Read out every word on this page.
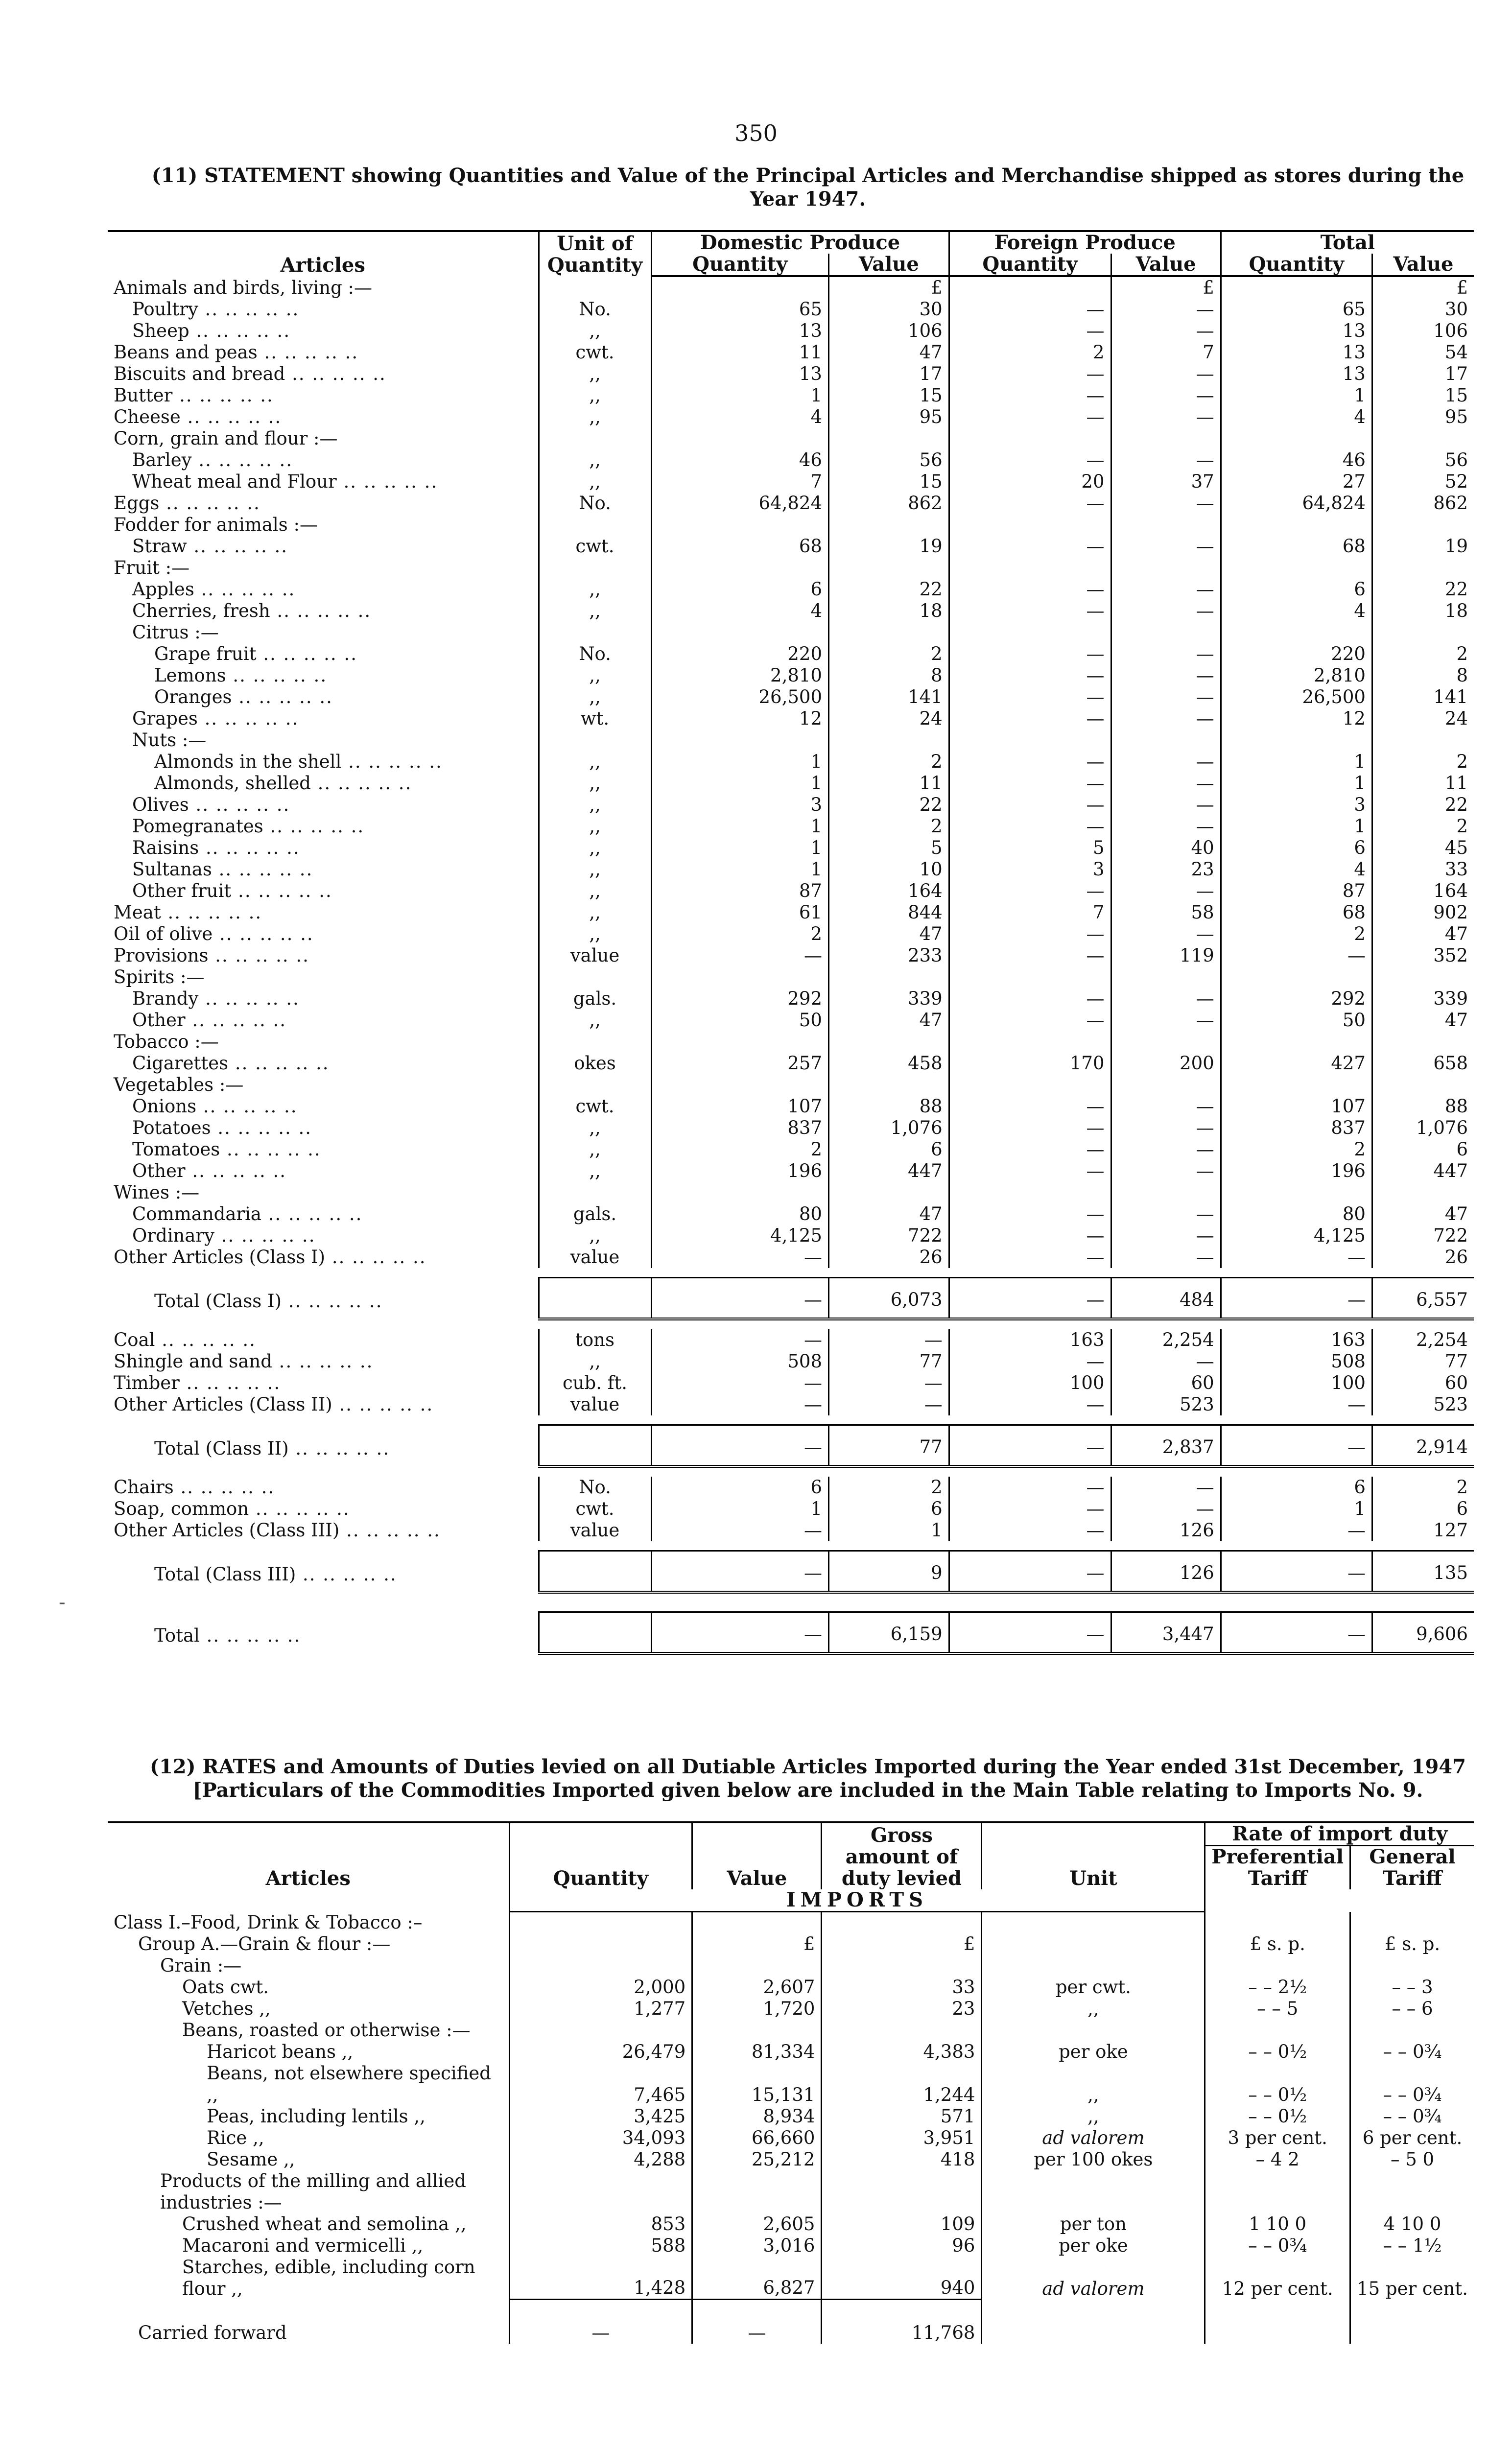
350
(11) STATEMENT showing Quantities and Value of the Principal Articles and Merchandise shipped as stores during the Year 1947.
Articles	Unit of Quantity	Domestic Produce		Foreign Produce		Total	
		Quantity	Value	Quantity	Value	Quantity	Value
Animals and birds, living :—			£		£		£
Poultry .. ..	No.	65	30	—	—	65	30
Sheep .. ..	,,	13	106	—	—	13	106
Beans and peas .. ..	cwt.	11	47	2	7	13	54
Biscuits and bread .. ..	,,	13	17	—	—	13	17
Butter .. ..	,,	1	15	—	—	1	15
Cheese .. ..	,,	4	95	—	—	4	95
Corn, grain and flour :—							
Barley .. ..	,,	46	56	—	—	46	56
Wheat meal and Flour .. ..	,,	7	15	20	37	27	52
Eggs .. ..	No.	64,824	862	—	—	64,824	862
Fodder for animals :—							
Straw .. ..	cwt.	68	19	—	—	68	19
Fruit :—							
Apples .. ..	,,	6	22	—	—	6	22
Cherries, fresh .. ..	,,	4	18	—	—	4	18
Citrus :—							
Grape fruit .. ..	No.	220	2	—	—	220	2
Lemons .. ..	,,	2,810	8	—	—	2,810	8
Oranges .. ..	,,	26,500	141	—	—	26,500	141
Grapes .. ..	wt.	12	24	—	—	12	24
Nuts :—							
Almonds in the shell .. ..	,,	1	2	—	—	1	2
Almonds, shelled .. ..	,,	1	11	—	—	1	11
Olives .. ..	,,	3	22	—	—	3	22
Pomegranates .. ..	,,	1	2	—	—	1	2
Raisins .. ..	,,	1	5	5	40	6	45
Sultanas .. ..	,,	1	10	3	23	4	33
Other fruit .. ..	,,	87	164	—	—	87	164
Meat .. ..	,,	61	844	7	58	68	902
Oil of olive .. ..	,,	2	47	—	—	2	47
Provisions .. ..	value	—	233	—	119	—	352
Spirits :—							
Brandy .. ..	gals.	292	339	—	—	292	339
Other .. ..	,,	50	47	—	—	50	47
Tobacco :—							
Cigarettes .. ..	okes	257	458	170	200	427	658
Vegetables :—							
Onions .. ..	cwt.	107	88	—	—	107	88
Potatoes .. ..	,,	837	1,076	—	—	837	1,076
Tomatoes .. ..	,,	2	6	—	—	2	6
Other .. ..	,,	196	447	—	—	196	447
Wines :—							
Commandaria .. ..	gals.	80	47	—	—	80	47
Ordinary .. ..	,,	4,125	722	—	—	4,125	722
Other Articles (Class I) .. ..	value	—	26	—	—	—	26

Total (Class I) .. ..		—	6,073	—	484	—	6,557

Coal .. ..	tons	—	—	163	2,254	163	2,254
Shingle and sand .. ..	,,	508	77	—	—	508	77
Timber .. ..	cub. ft.	—	—	100	60	100	60
Other Articles (Class II) .. ..	value	—	—	—	523	—	523

Total (Class II) .. ..		—	77	—	2,837	—	2,914

Chairs .. ..	No.	6	2	—	—	6	2
Soap, common .. ..	cwt.	1	6	—	—	1	6
Other Articles (Class III) .. ..	value	—	1	—	126	—	127

Total (Class III) .. ..		—	9	—	126	—	135

Total .. ..		—	6,159	—	3,447	—	9,606

(12) RATES and Amounts of Duties levied on all Dutiable Articles Imported during the Year ended 31st December, 1947
[Particulars of the Commodities Imported given below are included in the Main Table relating to Imports No. 9.
Articles	Quantity	Value	Gross amount of duty levied	Unit	Rate of import duty	
					Preferential Tariff	General Tariff
	IMPORTS					
Class I.–Food, Drink & Tobacco :–						
Group A.—Grain & flour :—		£	£		£ s. p.	£ s. p.
Grain :—						
Oats cwt.	2,000	2,607	33	per cwt.	– – 2½	– – 3
Vetches ,,	1,277	1,720	23	,,	– – 5	– – 6
Beans, roasted or otherwise :—						
Haricot beans ,,	26,479	81,334	4,383	per oke	– – 0½	– – 0¾
Beans, not elsewhere specified ,,	7,465	15,131	1,244	,,	– – 0½	– – 0¾
Peas, including lentils ,,	3,425	8,934	571	,,	– – 0½	– – 0¾
Rice ,,	34,093	66,660	3,951	ad valorem	3 per cent.	6 per cent.
Sesame ,,	4,288	25,212	418	per 100 okes	– 4 2	– 5 0
Products of the milling and allied industries :—						
Crushed wheat and semolina ,,	853	2,605	109	per ton	1 10 0	4 10 0
Macaroni and vermicelli ,,	588	3,016	96	per oke	– – 0¾	– – 1½
Starches, edible, including corn flour ,,	1,428	6,827	940	ad valorem	12 per cent.	15 per cent.
Carried forward	—	—	11,768			
-
